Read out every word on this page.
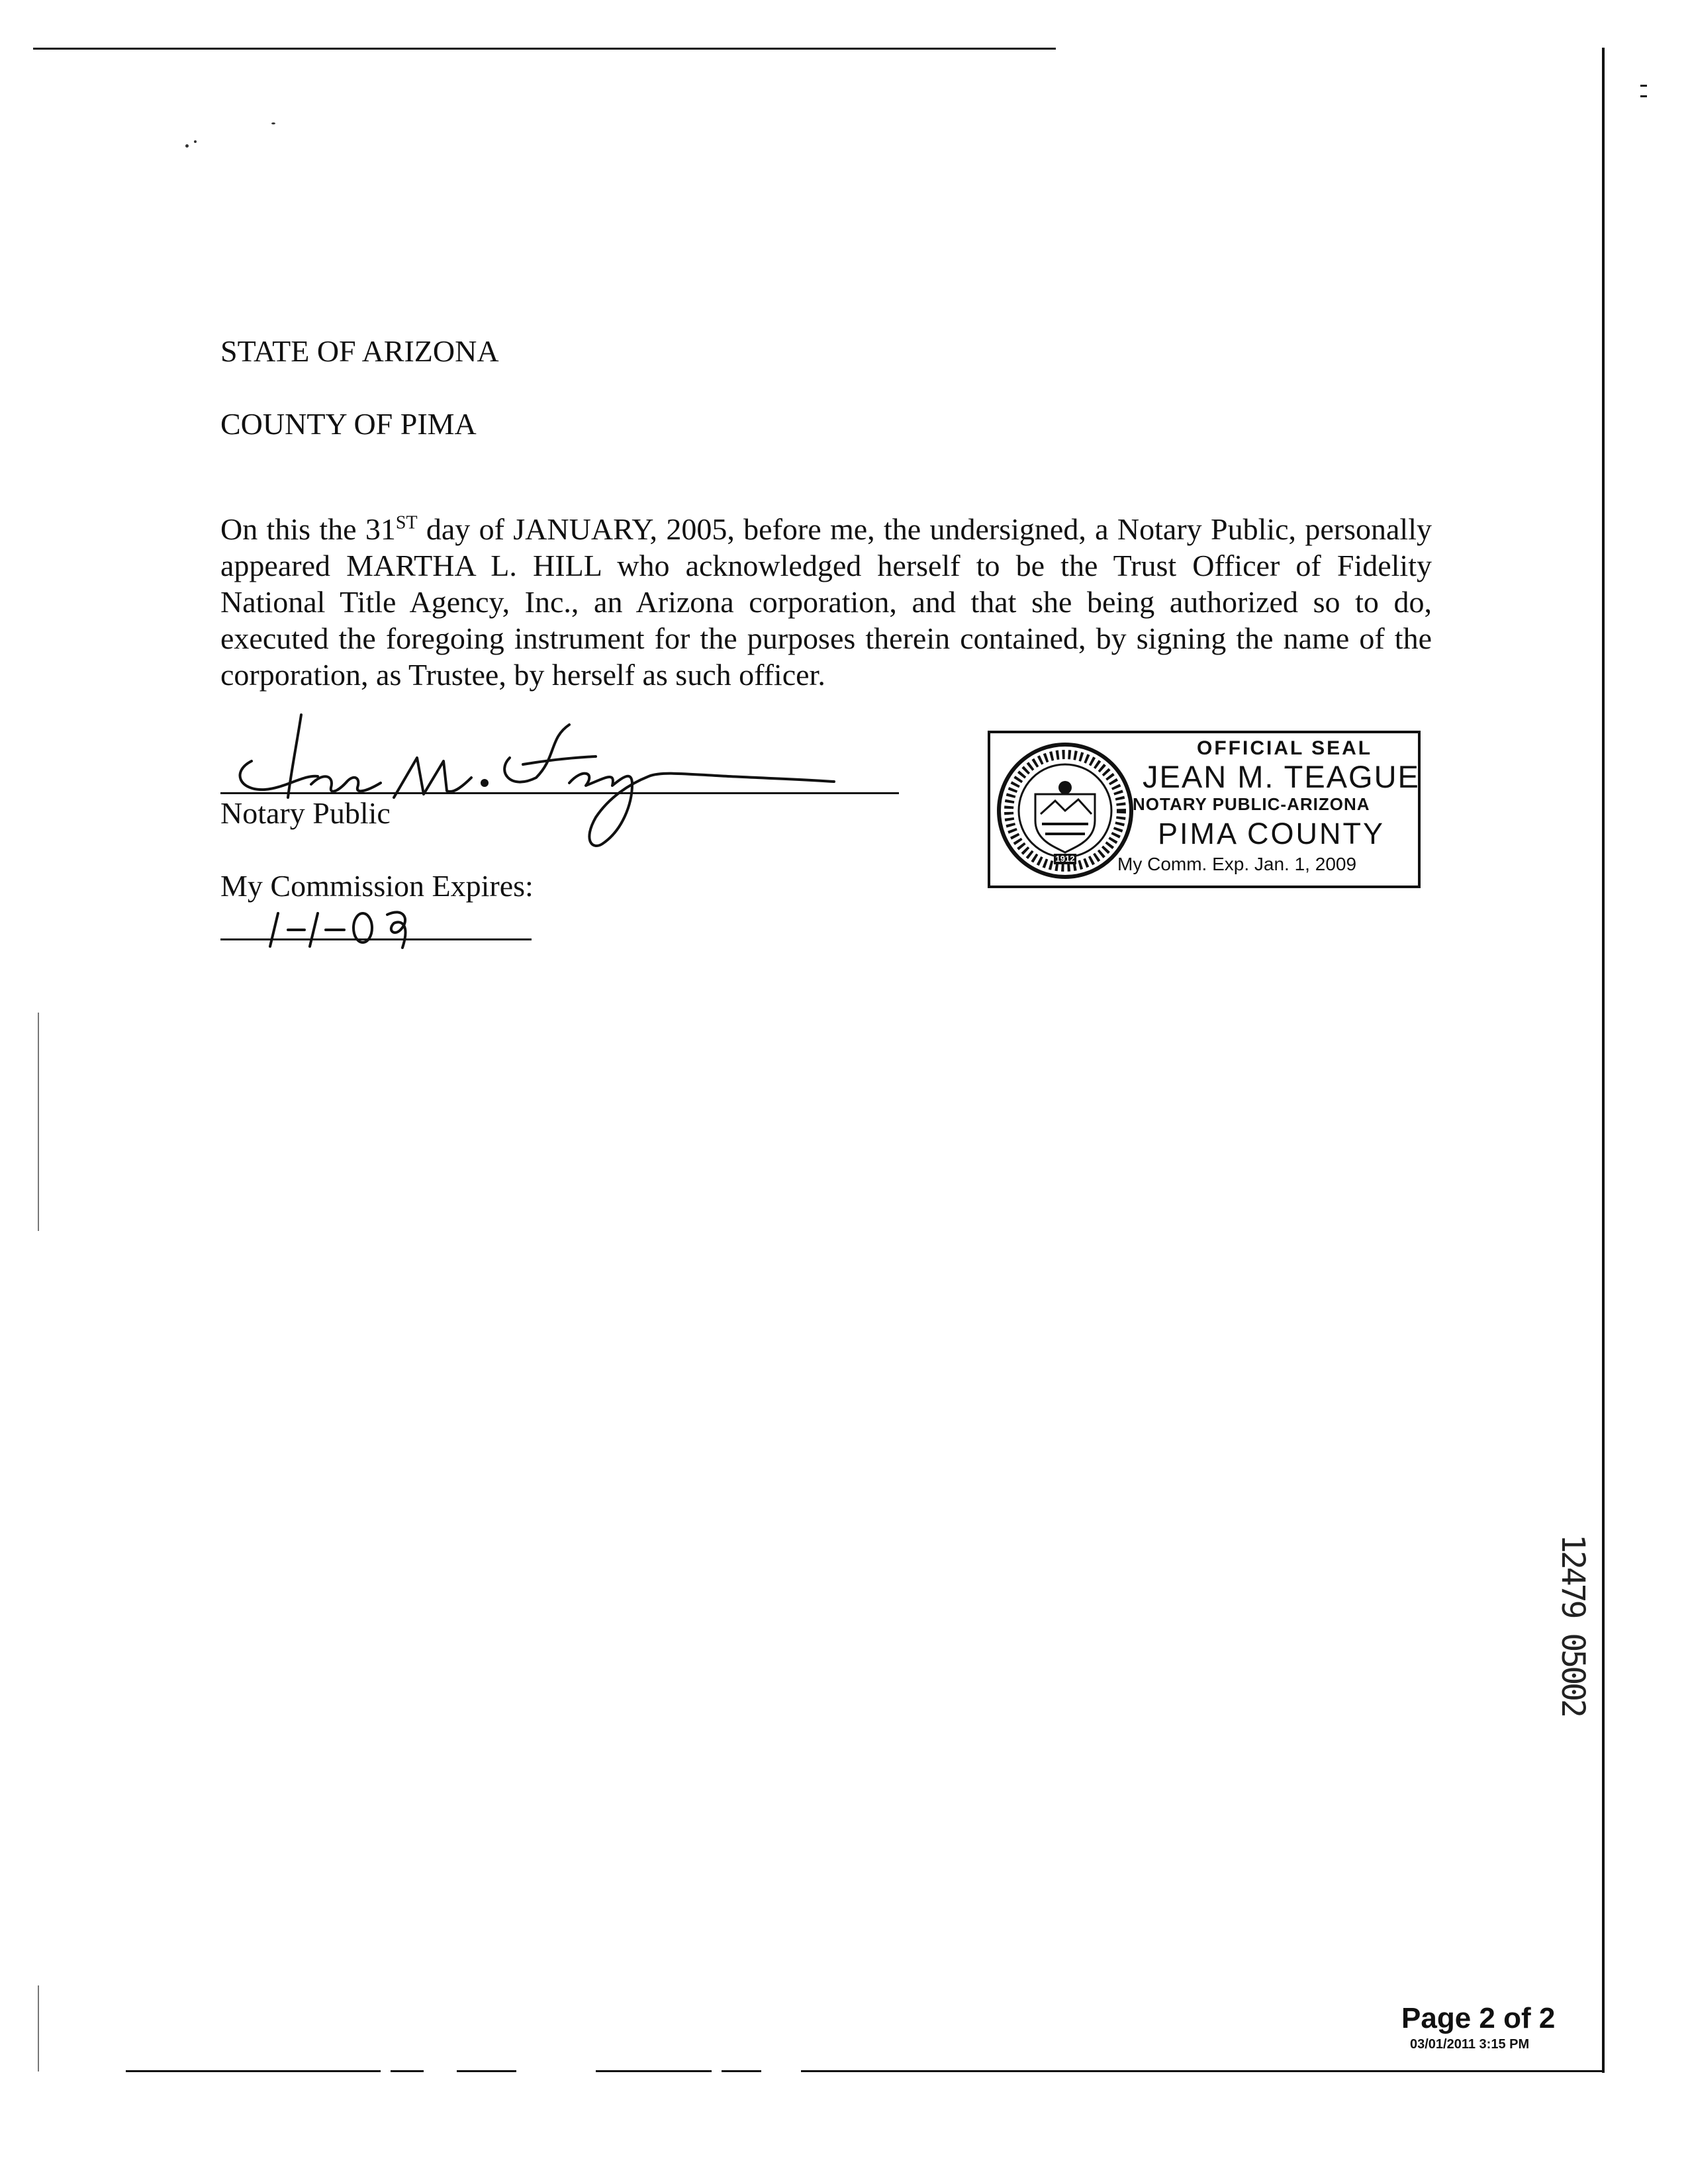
STATE OF ARIZONA
COUNTY OF PIMA
On this the 31ST day of JANUARY, 2005, before me, the undersigned, a Notary Public, personally appeared MARTHA L. HILL who acknowledged herself to be the Trust Officer of Fidelity National Title Agency, Inc., an Arizona corporation, and that she being authorized so to do, executed the foregoing instrument for the purposes therein contained, by signing the name of the corporation, as Trustee, by herself as such officer.
Notary Public
My Commission Expires:
1912
OFFICIAL SEAL
JEAN M. TEAGUE
NOTARY PUBLIC-ARIZONA
PIMA COUNTY
My Comm. Exp. Jan. 1, 2009
12479 05002
Page 2 of 2
03/01/2011 3:15 PM
